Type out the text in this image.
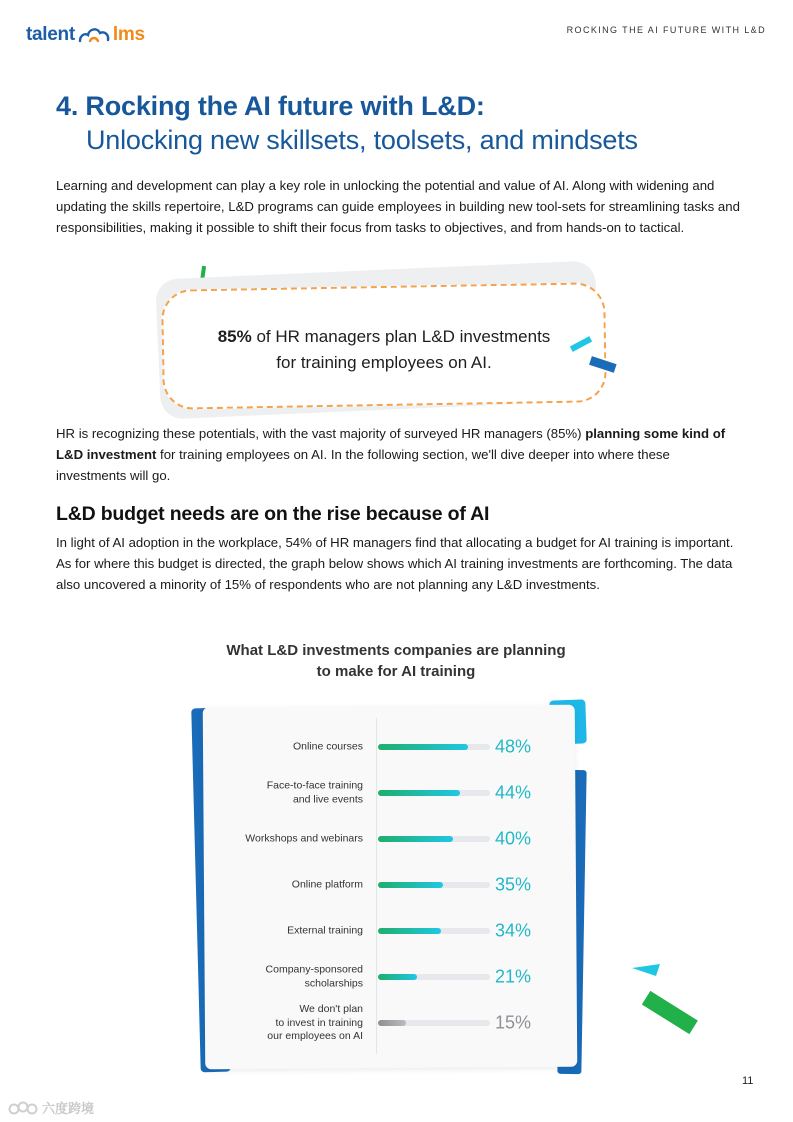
talent lms	ROCKING THE AI FUTURE WITH L&D
4. Rocking the AI future with L&D:
Unlocking new skillsets, toolsets, and mindsets

Learning and development can play a key role in unlocking the potential and value of AI. Along with widening and updating the skills repertoire, L&D programs can guide employees in building new tool-sets for streamlining tasks and responsibilities, making it possible to shift their focus from tasks to objectives, and from hands-on to tactical.

85% of HR managers plan L&D investments
for training employees on AI.

HR is recognizing these potentials, with the vast majority of surveyed HR managers (85%) planning some kind of L&D investment for training employees on AI. In the following section, we'll dive deeper into where these investments will go.

L&D budget needs are on the rise because of AI

In light of AI adoption in the workplace, 54% of HR managers find that allocating a budget for AI training is important. As for where this budget is directed, the graph below shows which AI training investments are forthcoming. The data also uncovered a minority of 15% of respondents who are not planning any L&D investments.

What L&D investments companies are planning
to make for AI training
Online courses	48%
Face-to-face training
and live events	44%
Workshops and webinars	40%
Online platform	35%
External training	34%
Company-sponsored
scholarships	21%
We don't plan
to invest in training
our employees on AI
15%
11
六度跨境
